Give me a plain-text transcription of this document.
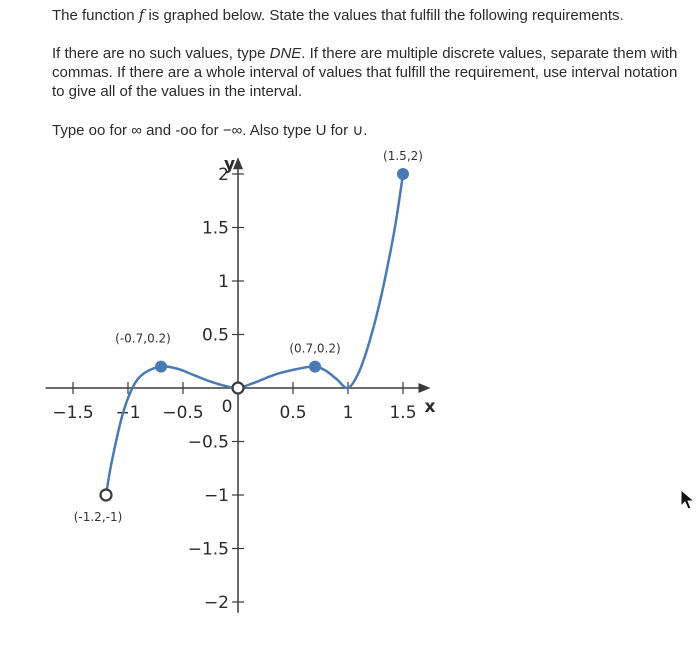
The function f is graphed below. State the values that fulfill the following requirements.
If there are no such values, type DNE. If there are multiple discrete values, separate them with commas. If there are a whole interval of values that fulfill the requirement, use interval notation to give all of the values in the interval.
Type oo for ∞ and -oo for −∞. Also type U for ∪.
x
y
−1.5 −1 −0.5	0.5 1 1.5
2
1.5
1
0.5
−0.5
−1
−1.5
−2
0
(-1.2,-1)
(-0.7,0.2)
(0.7,0.2)
(1.5,2)
